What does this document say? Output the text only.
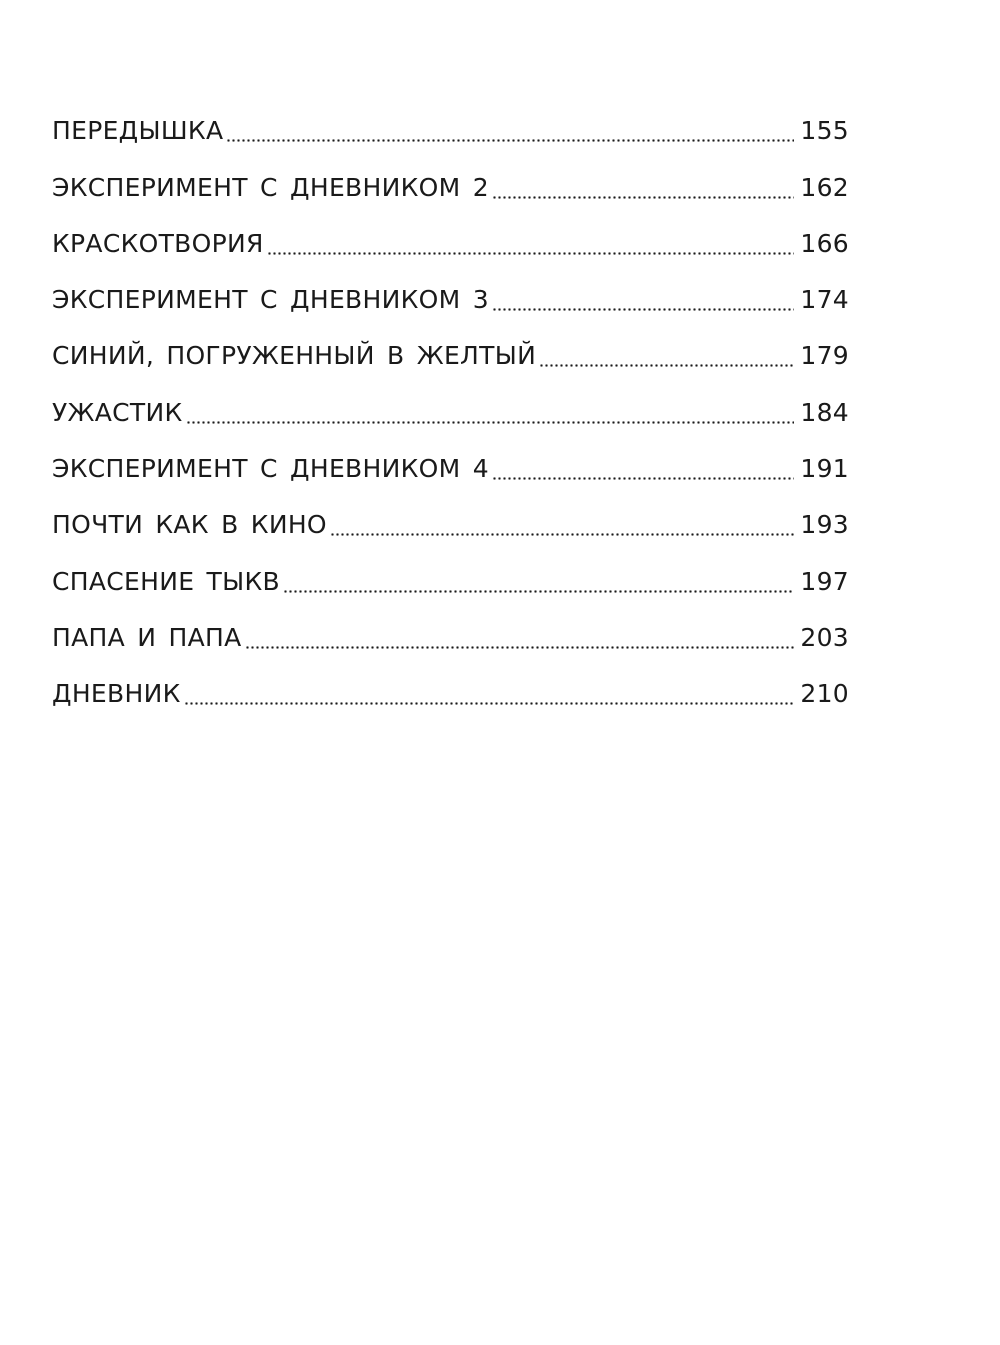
ПЕРЕДЫШКА	155
ЭКСПЕРИМЕНТ С ДНЕВНИКОМ 2	162
КРАСКОТВОРИЯ	166
ЭКСПЕРИМЕНТ С ДНЕВНИКОМ 3	174
СИНИЙ, ПОГРУЖЕННЫЙ В ЖЕЛТЫЙ	179
УЖАСТИК	184
ЭКСПЕРИМЕНТ С ДНЕВНИКОМ 4	191
ПОЧТИ КАК В КИНО	193
СПАСЕНИЕ ТЫКВ	197
ПАПА И ПАПА	203
ДНЕВНИК	210
